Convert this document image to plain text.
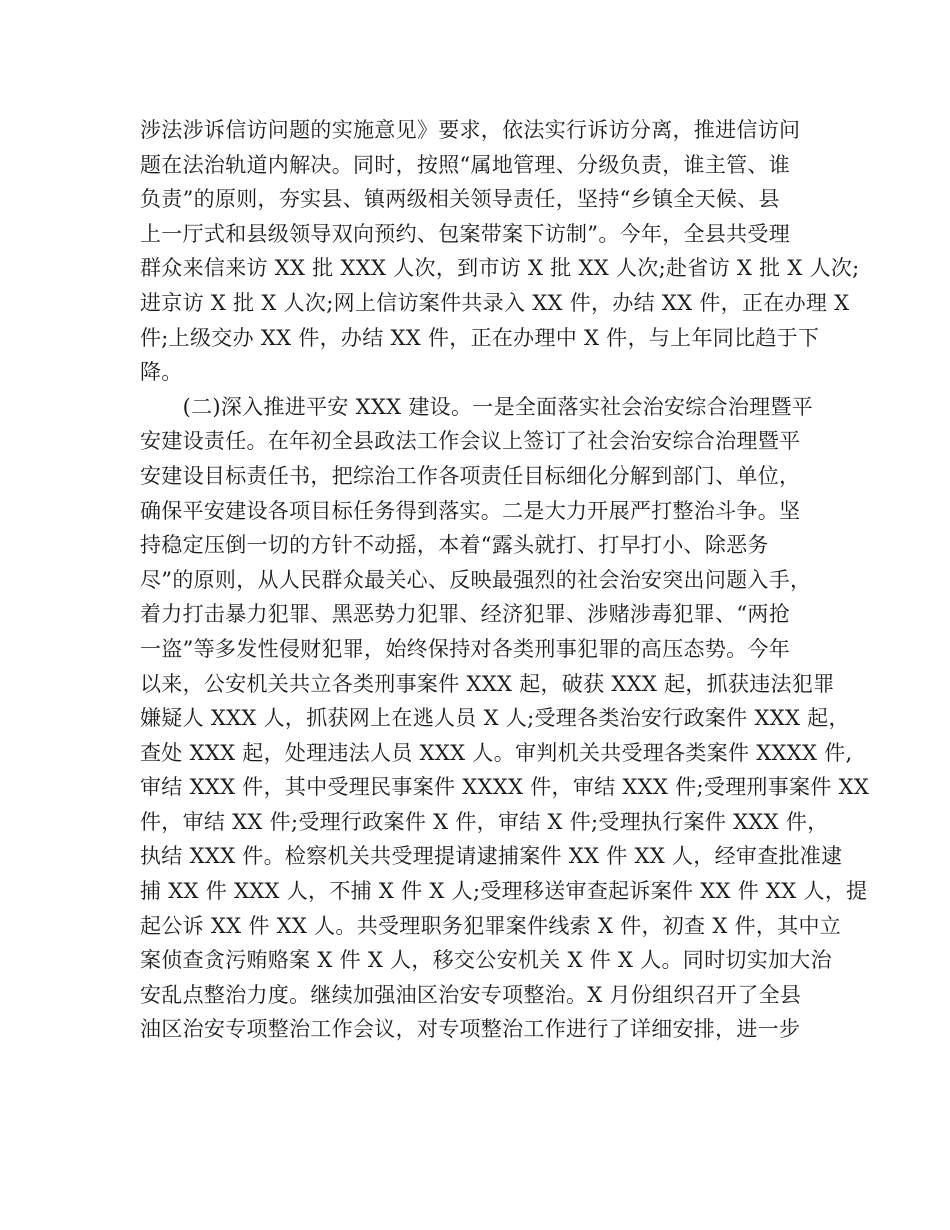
涉法涉诉信访问题的实施意见》要求，依法实行诉访分离，推进信访问
题在法治轨道内解决。同时，按照“属地管理、分级负责，谁主管、谁
负责”的原则，夯实县、镇两级相关领导责任，坚持“乡镇全天候、县
上一厅式和县级领导双向预约、包案带案下访制”。今年，全县共受理
群众来信来访 XX 批 XXX 人次，到市访 X 批 XX 人次;赴省访 X 批 X 人次;
进京访 X 批 X 人次;网上信访案件共录入 XX 件，办结 XX 件，正在办理 X
件;上级交办 XX 件，办结 XX 件，正在办理中 X 件，与上年同比趋于下
降。
　　(二)深入推进平安 XXX 建设。一是全面落实社会治安综合治理暨平
安建设责任。在年初全县政法工作会议上签订了社会治安综合治理暨平
安建设目标责任书，把综治工作各项责任目标细化分解到部门、单位，
确保平安建设各项目标任务得到落实。二是大力开展严打整治斗争。坚
持稳定压倒一切的方针不动摇，本着“露头就打、打早打小、除恶务
尽”的原则，从人民群众最关心、反映最强烈的社会治安突出问题入手，
着力打击暴力犯罪、黑恶势力犯罪、经济犯罪、涉赌涉毒犯罪、“两抢
一盗”等多发性侵财犯罪，始终保持对各类刑事犯罪的高压态势。今年
以来，公安机关共立各类刑事案件 XXX 起，破获 XXX 起，抓获违法犯罪
嫌疑人 XXX 人，抓获网上在逃人员 X 人;受理各类治安行政案件 XXX 起，
查处 XXX 起，处理违法人员 XXX 人。审判机关共受理各类案件 XXXX 件,
审结 XXX 件，其中受理民事案件 XXXX 件，审结 XXX 件;受理刑事案件 XX
件，审结 XX 件;受理行政案件 X 件，审结 X 件;受理执行案件 XXX 件，
执结 XXX 件。检察机关共受理提请逮捕案件 XX 件 XX 人，经审查批准逮
捕 XX 件 XXX 人，不捕 X 件 X 人;受理移送审查起诉案件 XX 件 XX 人，提
起公诉 XX 件 XX 人。共受理职务犯罪案件线索 X 件，初查 X 件，其中立
案侦查贪污贿赂案 X 件 X 人，移交公安机关 X 件 X 人。同时切实加大治
安乱点整治力度。继续加强油区治安专项整治。X 月份组织召开了全县
油区治安专项整治工作会议，对专项整治工作进行了详细安排，进一步
